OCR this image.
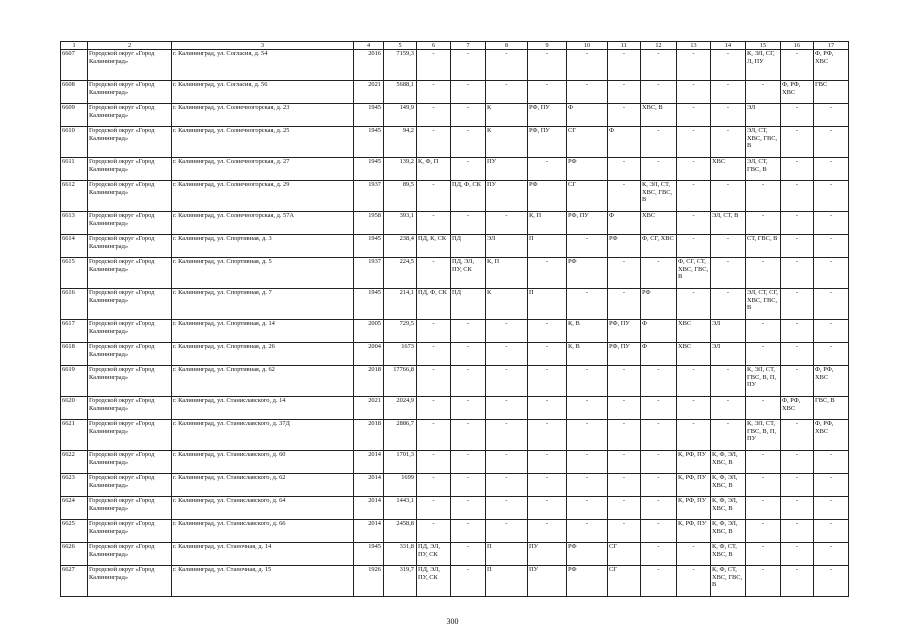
1	2	3	4	5	6	7	8	9	10	11	12	13	14	15	16	17
6607	Городской округ «Город Калининград»	г. Калининград, ул. Согласия, д. 54	2016	7159,3	-	-	-	-	-	-	-	-	-	К, ЭЛ, СГ, Л, ПУ	-	Ф, РФ, ХВС
6608	Городской округ «Город Калининград»	г. Калининград, ул. Согласия, д. 56	2021	5688,1	-	-	-	-	-	-	-	-	-	-	Ф, РФ, ХВС	ГВС
6609	Городской округ «Город Калининград»	г. Калининград, ул. Солнечногорская, д. 23	1945	149,9	-	-	К	РФ, ПУ	Ф	-	ХВС, В	-	-	ЭЛ	-	-
6610	Городской округ «Город Калининград»	г. Калининград, ул. Солнечногорская, д. 25	1945	94,2	-	-	К	РФ, ПУ	СГ	Ф	-	-	-	ЭЛ, СТ, ХВС, ГВС, В	-	-
6611	Городской округ «Город Калининград»	г. Калининград, ул. Солнечногорская, д. 27	1945	139,2	К, Ф, П	-	ПУ	-	РФ	-	-	-	ХВС	ЭЛ, СТ, ГВС, В	-	-
6612	Городской округ «Город Калининград»	г. Калининград, ул. Солнечногорская, д. 29	1937	89,5	-	ПД, Ф, СК	ПУ	РФ	СГ	-	К, ЭЛ, СТ, ХВС, ГВС, В	-	-	-	-	-
6613	Городской округ «Город Калининград»	г. Калининград, ул. Солнечногорская, д. 57А	1958	393,1	-	-	-	К, П	РФ, ПУ	Ф	ХВС	-	ЭЛ, СТ, В	-	-	-
6614	Городской округ «Город Калининград»	г. Калининград, ул. Спортивная, д. 3	1945	238,4	ПД, К, СК	ПД	ЭЛ	П	-	РФ	Ф, СГ, ХВС	-	-	СТ, ГВС, В	-	-
6615	Городской округ «Город Калининград»	г. Калининград, ул. Спортивная, д. 5	1937	224,5	-	ПД, ЭЛ, ПУ, СК	К, П	-	РФ	-	-	Ф, СГ, СТ, ХВС, ГВС, В	-	-	-	-
6616	Городской округ «Город Калининград»	г. Калининград, ул. Спортивная, д. 7	1945	214,1	ПД, Ф, СК	ПД	К	П	-	-	РФ	-	-	ЭЛ, СТ, СГ, ХВС, ГВС, В	-	-
6617	Городской округ «Город Калининград»	г. Калининград, ул. Спортивная, д. 14	2005	729,5	-	-	-	-	К, В	РФ, ПУ	Ф	ХВС	ЭЛ	-	-	-
6618	Городской округ «Город Калининград»	г. Калининград, ул. Спортивная, д. 26	2004	1673	-	-	-	-	К, В	РФ, ПУ	Ф	ХВС	ЭЛ	-	-	-
6619	Городской округ «Город Калининград»	г. Калининград, ул. Спортивная, д. 62	2018	17766,8	-	-	-	-	-	-	-	-	-	К, ЭЛ, СТ, ГВС, В, П, ПУ	-	Ф, РФ, ХВС
6620	Городской округ «Город Калининград»	г. Калининград, ул. Станиславского, д. 14	2021	2024,9	-	-	-	-	-	-	-	-	-	-	Ф, РФ, ХВС	ГВС, В
6621	Городской округ «Город Калининград»	г. Калининград, ул. Станиславского, д. 37Д	2018	2886,7	-	-	-	-	-	-	-	-	-	К, ЭЛ, СТ, ГВС, В, П, ПУ	-	Ф, РФ, ХВС
6622	Городской округ «Город Калининград»	г. Калининград, ул. Станиславского, д. 60	2014	1701,3	-	-	-	-	-	-	-	К, РФ, ПУ	К, Ф, ЭЛ, ХВС, В	-	-	-
6623	Городской округ «Город Калининград»	г. Калининград, ул. Станиславского, д. 62	2014	1699	-	-	-	-	-	-	-	К, РФ, ПУ	К, Ф, ЭЛ, ХВС, В	-	-	-
6624	Городской округ «Город Калининград»	г. Калининград, ул. Станиславского, д. 64	2014	1443,1	-	-	-	-	-	-	-	К, РФ, ПУ	К, Ф, ЭЛ, ХВС, В	-	-	-
6625	Городской округ «Город Калининград»	г. Калининград, ул. Станиславского, д. 66	2014	2458,8	-	-	-	-	-	-	-	К, РФ, ПУ	К, Ф, ЭЛ, ХВС, В	-	-	-
6626	Городской округ «Город Калининград»	г. Калининград, ул. Станочная, д. 14	1945	331,8	ПД, ЭЛ, ПУ, СК	-	П	ПУ	РФ	СГ	-	-	К, Ф, СТ, ХВС, В	-	-	-
6627	Городской округ «Город Калининград»	г. Калининград, ул. Станочная, д. 15	1926	319,7	ПД, ЭЛ, ПУ, СК	-	П	ПУ	РФ	СГ	-	-	К, Ф, СТ, ХВС, ГВС, В	-	-	-
300
